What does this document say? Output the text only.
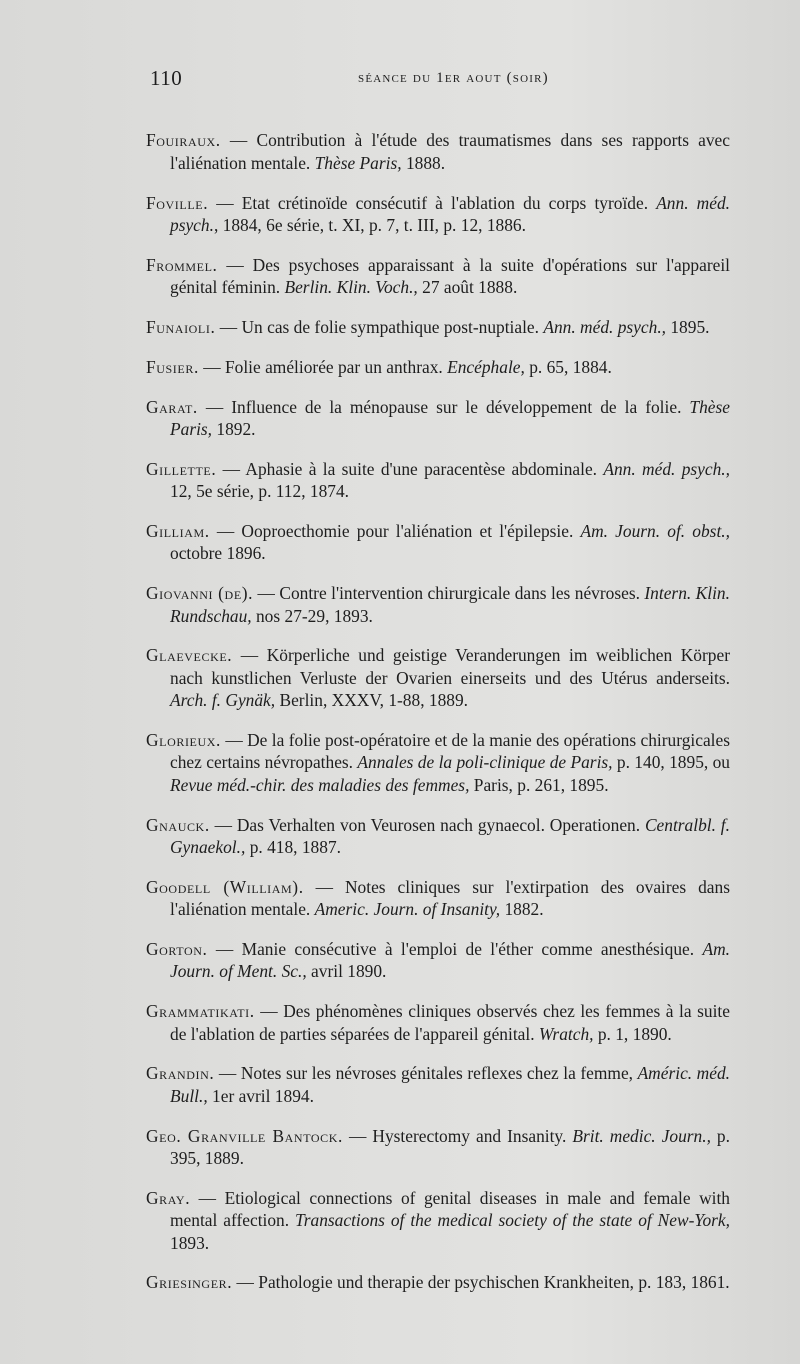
110	séance du 1er aout (soir)

Fouiraux. — Contribution à l'étude des traumatismes dans ses rapports avec l'aliénation mentale. Thèse Paris, 1888.

Foville. — Etat crétinoïde consécutif à l'ablation du corps tyroïde. Ann. méd. psych., 1884, 6e série, t. XI, p. 7, t. III, p. 12, 1886.

Frommel. — Des psychoses apparaissant à la suite d'opérations sur l'appareil génital féminin. Berlin. Klin. Voch., 27 août 1888.

Funaioli. — Un cas de folie sympathique post-nuptiale. Ann. méd. psych., 1895.

Fusier. — Folie améliorée par un anthrax. Encéphale, p. 65, 1884.

Garat. — Influence de la ménopause sur le développement de la folie. Thèse Paris, 1892.

Gillette. — Aphasie à la suite d'une paracentèse abdominale. Ann. méd. psych., 12, 5e série, p. 112, 1874.

Gilliam. — Ooproecthomie pour l'aliénation et l'épilepsie. Am. Journ. of. obst., octobre 1896.

Giovanni (de). — Contre l'intervention chirurgicale dans les névroses. Intern. Klin. Rundschau, nos 27-29, 1893.

Glaevecke. — Körperliche und geistige Veranderungen im weiblichen Körper nach kunstlichen Verluste der Ovarien einerseits und des Utérus anderseits. Arch. f. Gynäk, Berlin, XXXV, 1-88, 1889.

Glorieux. — De la folie post-opératoire et de la manie des opérations chirurgicales chez certains névropathes. Annales de la poli-clinique de Paris, p. 140, 1895, ou Revue méd.-chir. des maladies des femmes, Paris, p. 261, 1895.

Gnauck. — Das Verhalten von Veurosen nach gynaecol. Operationen. Centralbl. f. Gynaekol., p. 418, 1887.

Goodell (William). — Notes cliniques sur l'extirpation des ovaires dans l'aliénation mentale. Americ. Journ. of Insanity, 1882.

Gorton. — Manie consécutive à l'emploi de l'éther comme anesthésique. Am. Journ. of Ment. Sc., avril 1890.

Grammatikati. — Des phénomènes cliniques observés chez les femmes à la suite de l'ablation de parties séparées de l'appareil génital. Wratch, p. 1, 1890.

Grandin. — Notes sur les névroses génitales reflexes chez la femme, Améric. méd. Bull., 1er avril 1894.

Geo. Granville Bantock. — Hysterectomy and Insanity. Brit. medic. Journ., p. 395, 1889.

Gray. — Etiological connections of genital diseases in male and female with mental affection. Transactions of the medical society of the state of New-York, 1893.

Griesinger. — Pathologie und therapie der psychischen Krankheiten, p. 183, 1861.
